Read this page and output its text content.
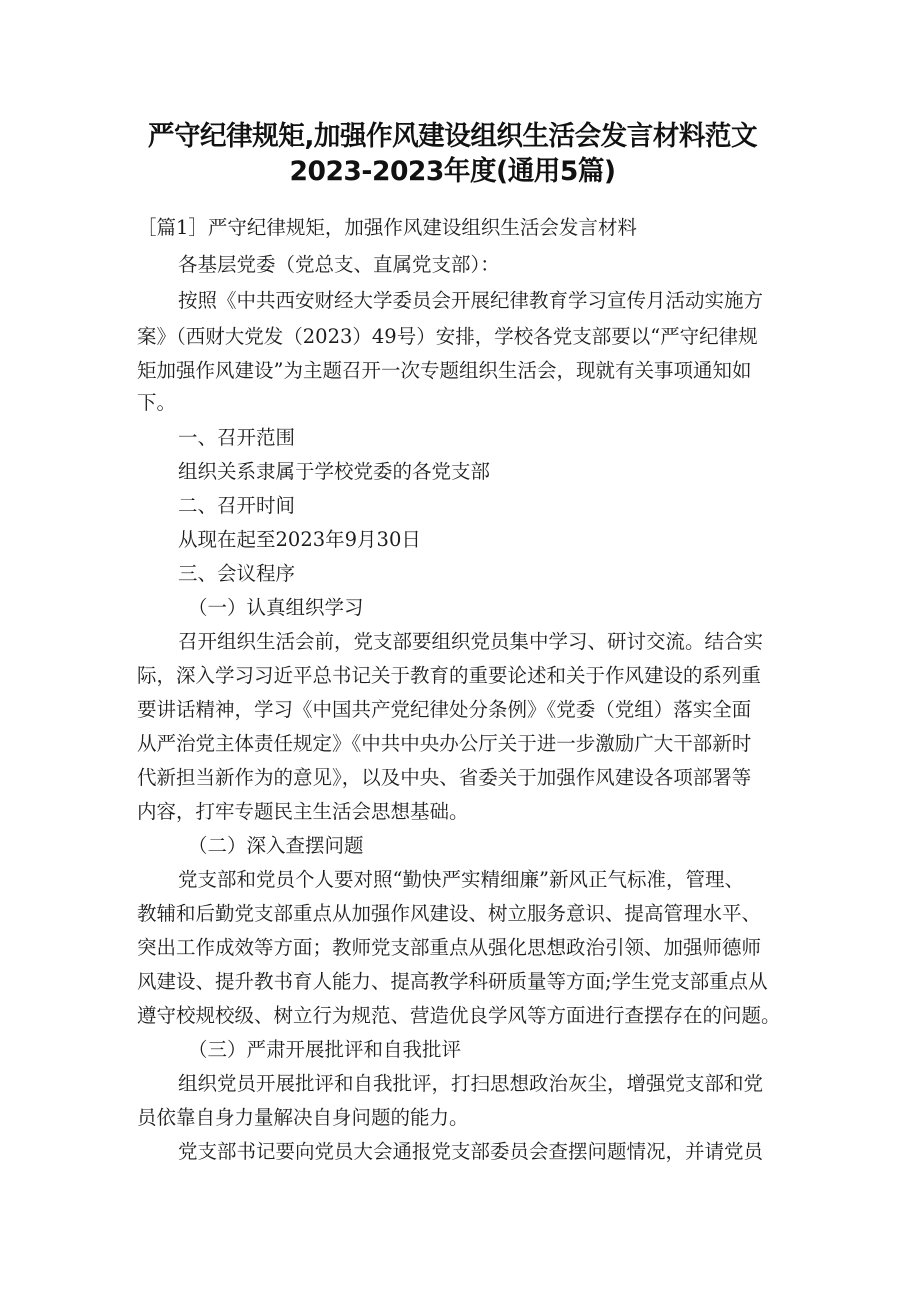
严守纪律规矩,加强作风建设组织生活会发言材料范文
2023-2023年度(通用5篇)
［篇1］严守纪律规矩，加强作风建设组织生活会发言材料
各基层党委（党总支、直属党支部）：
按照《中共西安财经大学委员会开展纪律教育学习宣传月活动实施方
案》（西财大党发（2023）49号）安排，学校各党支部要以“严守纪律规
矩加强作风建设”为主题召开一次专题组织生活会，现就有关事项通知如
下。
一、召开范围
组织关系隶属于学校党委的各党支部
二、召开时间
从现在起至2023年9月30日
三、会议程序
（一）认真组织学习
召开组织生活会前，党支部要组织党员集中学习、研讨交流。结合实
际，深入学习习近平总书记关于教育的重要论述和关于作风建设的系列重
要讲话精神，学习《中国共产党纪律处分条例》《党委（党组）落实全面
从严治党主体责任规定》《中共中央办公厅关于进一步激励广大干部新时
代新担当新作为的意见》，以及中央、省委关于加强作风建设各项部署等
内容，打牢专题民主生活会思想基础。
（二）深入查摆问题
党支部和党员个人要对照“勤快严实精细廉”新风正气标准，管理、
教辅和后勤党支部重点从加强作风建设、树立服务意识、提高管理水平、
突出工作成效等方面；教师党支部重点从强化思想政治引领、加强师德师
风建设、提升教书育人能力、提高教学科研质量等方面;学生党支部重点从
遵守校规校级、树立行为规范、营造优良学风等方面进行查摆存在的问题。
（三）严肃开展批评和自我批评
组织党员开展批评和自我批评，打扫思想政治灰尘，增强党支部和党
员依靠自身力量解决自身问题的能力。
党支部书记要向党员大会通报党支部委员会查摆问题情况，并请党员
